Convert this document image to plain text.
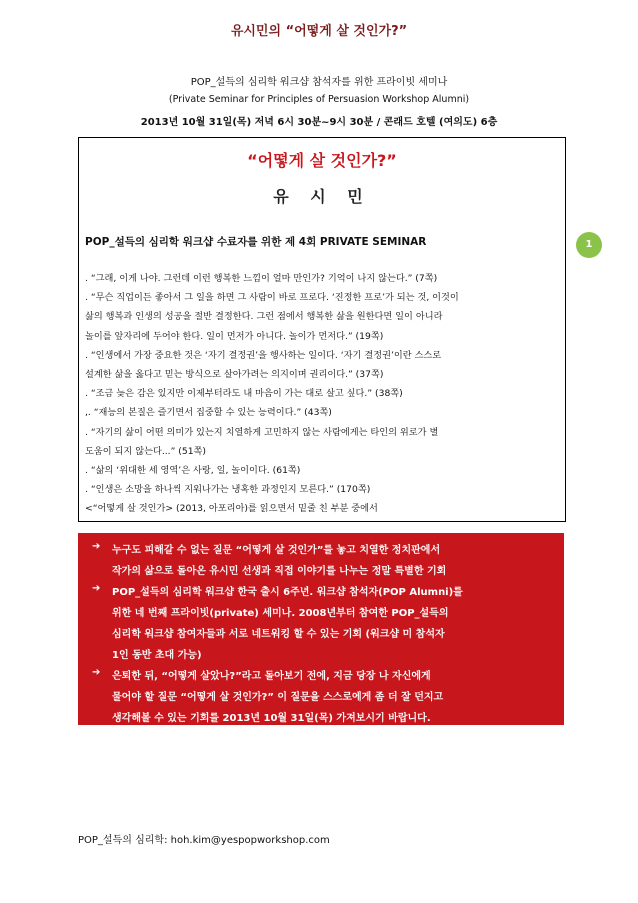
유시민의 “어떻게 살 것인가?”
POP_설득의 심리학 워크샵 참석자를 위한 프라이빗 세미나
(Private Seminar for Principles of Persuasion Workshop Alumni)
2013년 10월 31일(목) 저녁 6시 30분~9시 30분 / 콘래드 호텔 (여의도) 6층
“어떻게 살 것인가?”
유 시 민
POP_설득의 심리학 워크샵 수료자를 위한 제 4회 PRIVATE SEMINAR
. “그래, 이게 나야. 그런데 이런 행복한 느낌이 얼마 만인가? 기억이 나지 않는다.” (7쪽)
. “무슨 직업이든 좋아서 그 일을 하면 그 사람이 바로 프로다. ‘진정한 프로’가 되는 것, 이것이
삶의 행복과 인생의 성공을 절반 결정한다. 그런 점에서 행복한 삶을 원한다면 일이 아니라
놀이를 앞자리에 두어야 한다. 일이 먼저가 아니다. 놀이가 먼저다.” (19쪽)
. “인생에서 가장 중요한 것은 ‘자기 결정권’을 행사하는 일이다. ‘자기 결정권’이란 스스로
설계한 삶을 옳다고 믿는 방식으로 살아가려는 의지이며 권리이다.” (37쪽)
. “조금 늦은 감은 있지만 이제부터라도 내 마음이 가는 대로 살고 싶다.” (38쪽)
,. “재능의 본질은 즐기면서 집중할 수 있는 능력이다.” (43쪽)
. “자기의 삶이 어떤 의미가 있는지 치열하게 고민하지 않는 사람에게는 타인의 위로가 별
도움이 되지 않는다...” (51쪽)
. “삶의 ‘위대한 세 영역’은 사랑, 일, 놀이이다. (61쪽)
. “인생은 소망을 하나씩 지워나가는 냉혹한 과정인지 모른다.” (170쪽)
<“어떻게 살 것인가> (2013, 아포리아)를 읽으면서 밑줄 친 부분 중에서
1
➔ 누구도 피해갈 수 없는 질문 “어떻게 살 것인가”를 놓고 치열한 정치판에서
작가의 삶으로 돌아온 유시민 선생과 직접 이야기를 나누는 정말 특별한 기회
➔ POP_설득의 심리학 워크샵 한국 출시 6주년. 워크샵 참석자(POP Alumni)를
위한 네 번째 프라이빗(private) 세미나. 2008년부터 참여한 POP_설득의
심리학 워크샵 참여자들과 서로 네트워킹 할 수 있는 기회 (워크샵 미 참석자
1인 동반 초대 가능)
➔ 은퇴한 뒤, “어떻게 살았나?”라고 돌아보기 전에, 지금 당장 나 자신에게
물어야 할 질문 “어떻게 살 것인가?” 이 질문을 스스로에게 좀 더 잘 던지고
생각해볼 수 있는 기회를 2013년 10월 31일(목) 가져보시기 바랍니다.
POP_설득의 심리학: hoh.kim@yespopworkshop.com
